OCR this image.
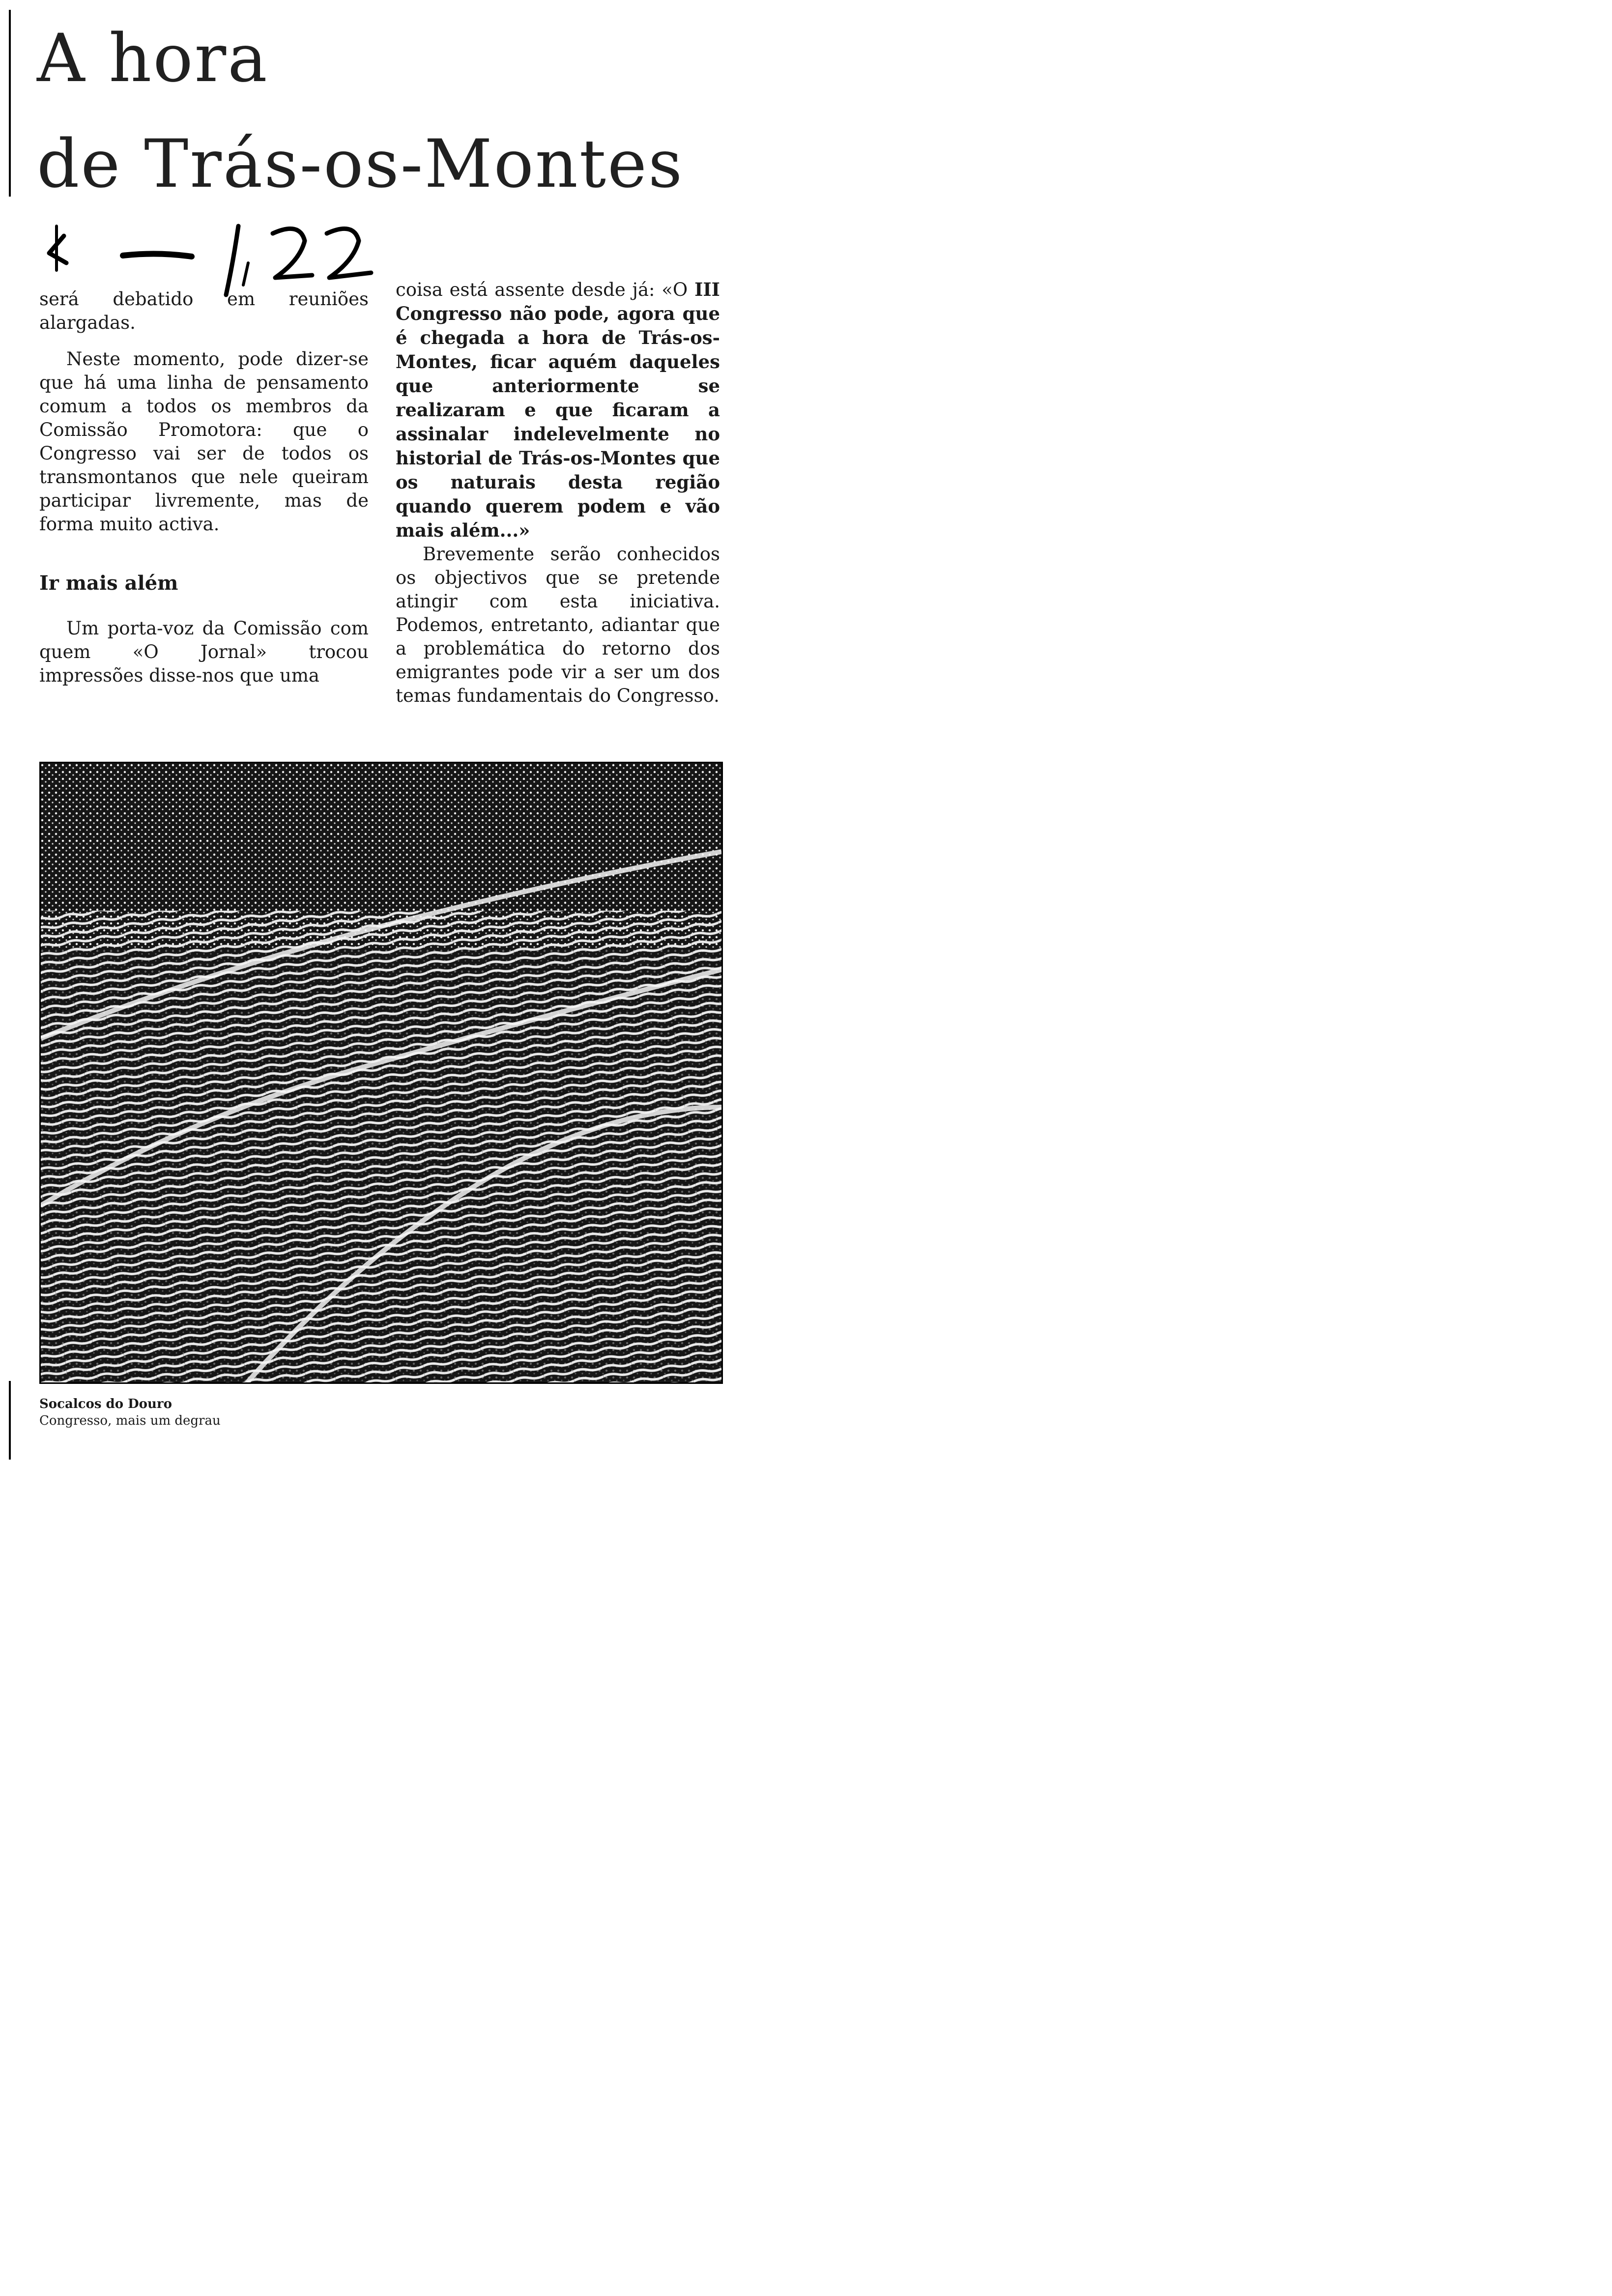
A hora
de Trás-os-Montes

será debatido em reuniões alargadas.

Neste momento, pode dizer-se que há uma linha de pensamento comum a todos os membros da Comissão Promotora: que o Congresso vai ser de todos os transmontanos que nele queiram participar livremente, mas de forma muito activa.

Ir mais além

Um porta-voz da Comissão com quem «O Jornal» trocou impressões disse-nos que uma

coisa está assente desde já: «O III Congresso não pode, agora que é chegada a hora de Trás-os-Montes, ficar aquém daqueles que anteriormente se realizaram e que ficaram a assinalar indelevelmente no historial de Trás-os-Montes que os naturais desta região quando querem podem e vão mais além...»

Brevemente serão conhecidos os objectivos que se pretende atingir com esta iniciativa. Podemos, entretanto, adiantar que a problemática do retorno dos emigrantes pode vir a ser um dos temas fundamentais do Congresso.

Socalcos do Douro
Congresso, mais um degrau
